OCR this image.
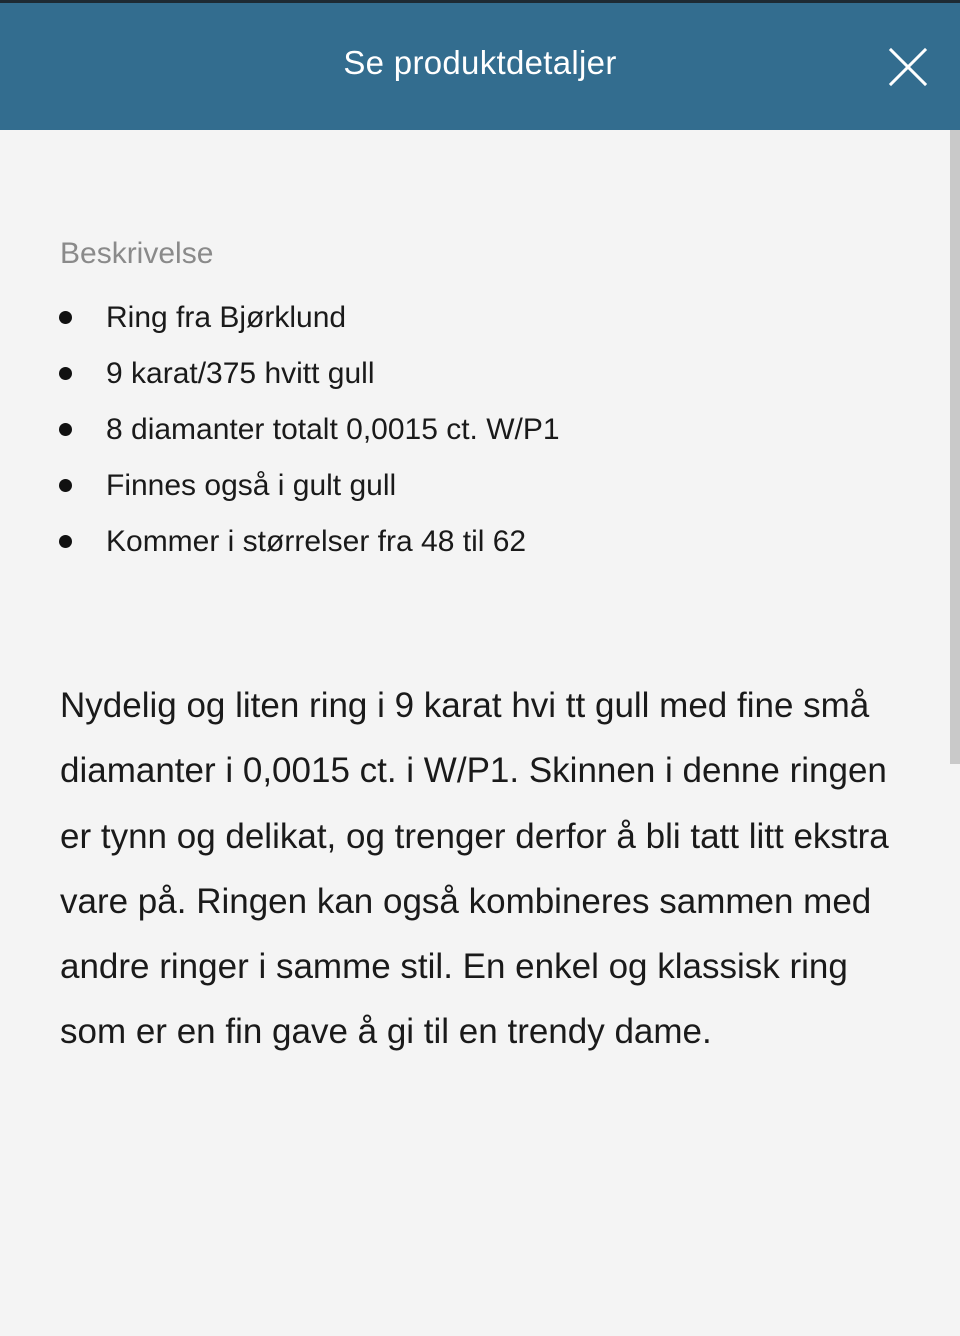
Se produktdetaljer
Beskrivelse
Ring fra Bjørklund
9 karat/375 hvitt gull
8 diamanter totalt 0,0015 ct. W/P1
Finnes også i gult gull
Kommer i størrelser fra 48 til 62

Nydelig og liten ring i 9 karat hvi tt gull med fine små diamanter i 0,0015 ct. i W/P1. Skinnen i denne ringen er tynn og delikat, og trenger derfor å bli tatt litt ekstra vare på. Ringen kan også kombineres sammen med andre ringer i samme stil. En enkel og klassisk ring som er en fin gave å gi til en trendy dame.
